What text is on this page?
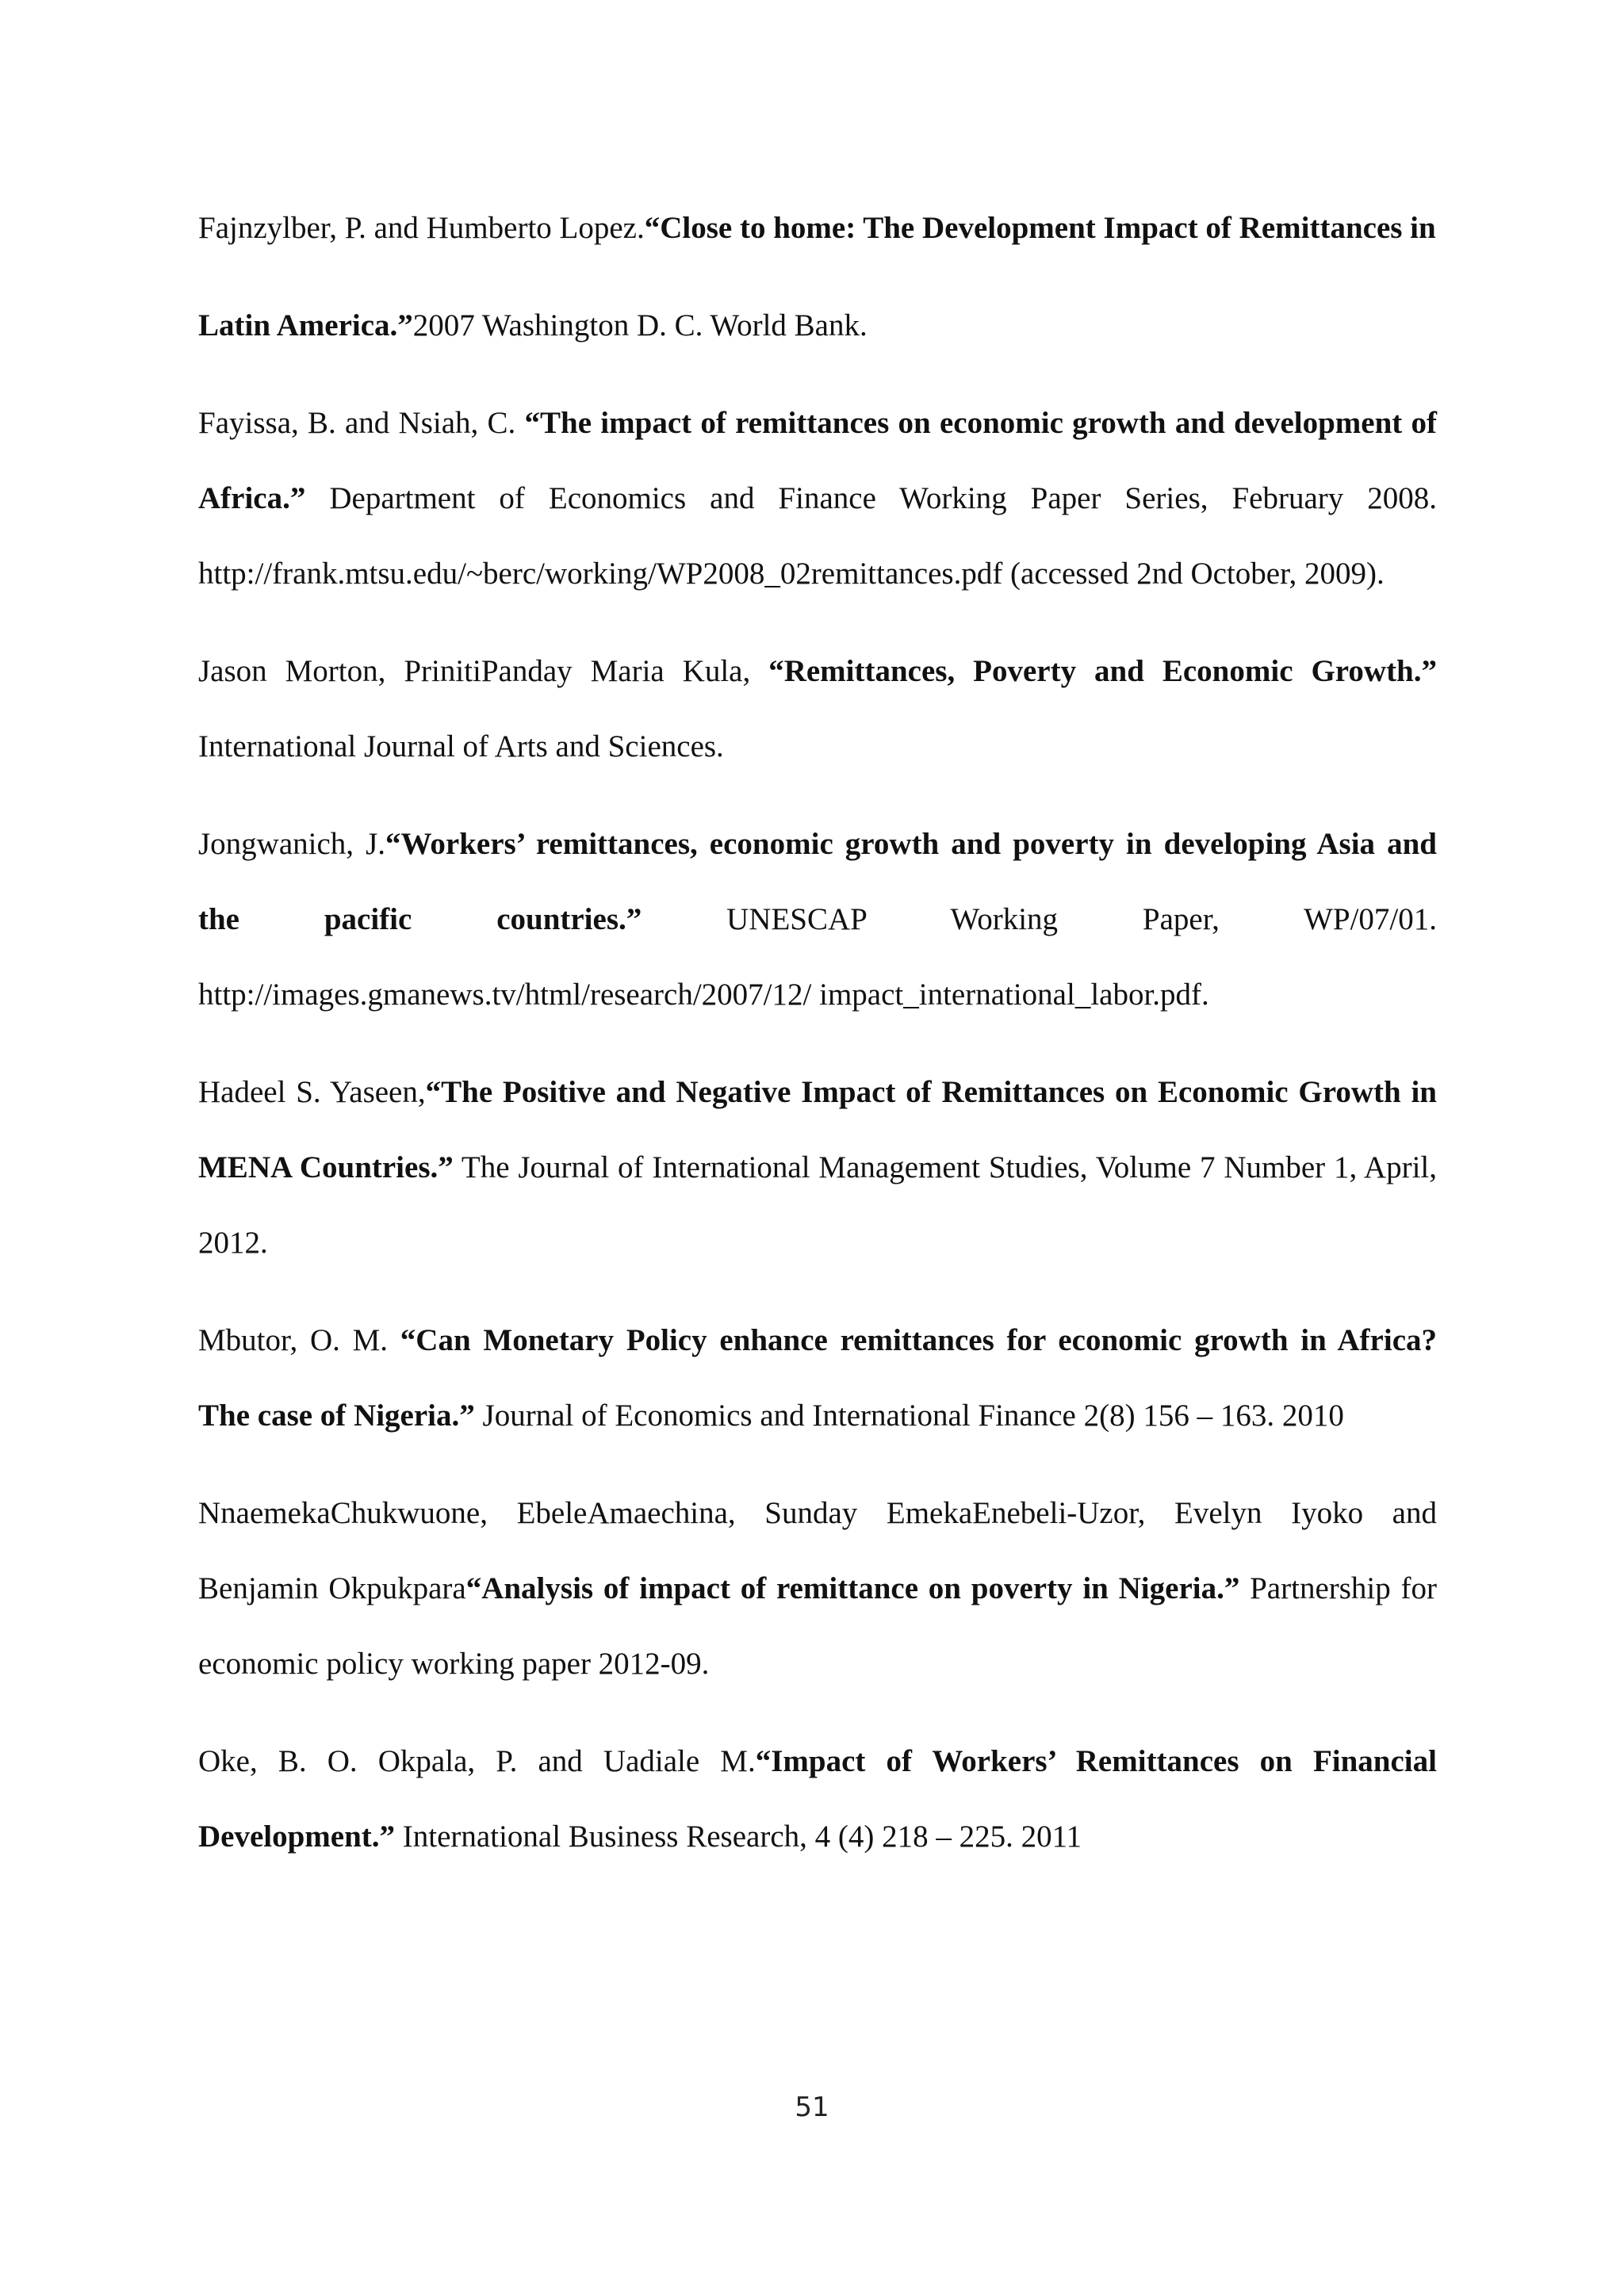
Fajnzylber, P. and Humberto Lopez.“Close to home: The Development Impact of Remittances in

Latin America.”2007 Washington D. C. World Bank.

Fayissa, B. and Nsiah, C. “The impact of remittances on economic growth and development of Africa.” Department of Economics and Finance Working Paper Series, February 2008. http://frank.mtsu.edu/~berc/working/WP2008_02remittances.pdf (accessed 2nd October, 2009).

Jason Morton, PrinitiPanday Maria Kula, “Remittances, Poverty and Economic Growth.” International Journal of Arts and Sciences.

Jongwanich, J.“Workers’ remittances, economic growth and poverty in developing Asia and the pacific countries.” UNESCAP Working Paper, WP/07/01. http://images.gmanews.tv/html/research/2007/12/ impact_international_labor.pdf.

Hadeel S. Yaseen,“The Positive and Negative Impact of Remittances on Economic Growth in MENA Countries.” The Journal of International Management Studies, Volume 7 Number 1, April, 2012.

Mbutor, O. M. “Can Monetary Policy enhance remittances for economic growth in Africa? The case of Nigeria.” Journal of Economics and International Finance 2(8) 156 – 163. 2010

NnaemekaChukwuone, EbeleAmaechina, Sunday EmekaEnebeli-Uzor, Evelyn Iyoko and Benjamin Okpukpara“Analysis of impact of remittance on poverty in Nigeria.” Partnership for economic policy working paper 2012-09.

Oke, B. O. Okpala, P. and Uadiale M.“Impact of Workers’ Remittances on Financial Development.” International Business Research, 4 (4) 218 – 225. 2011

51
